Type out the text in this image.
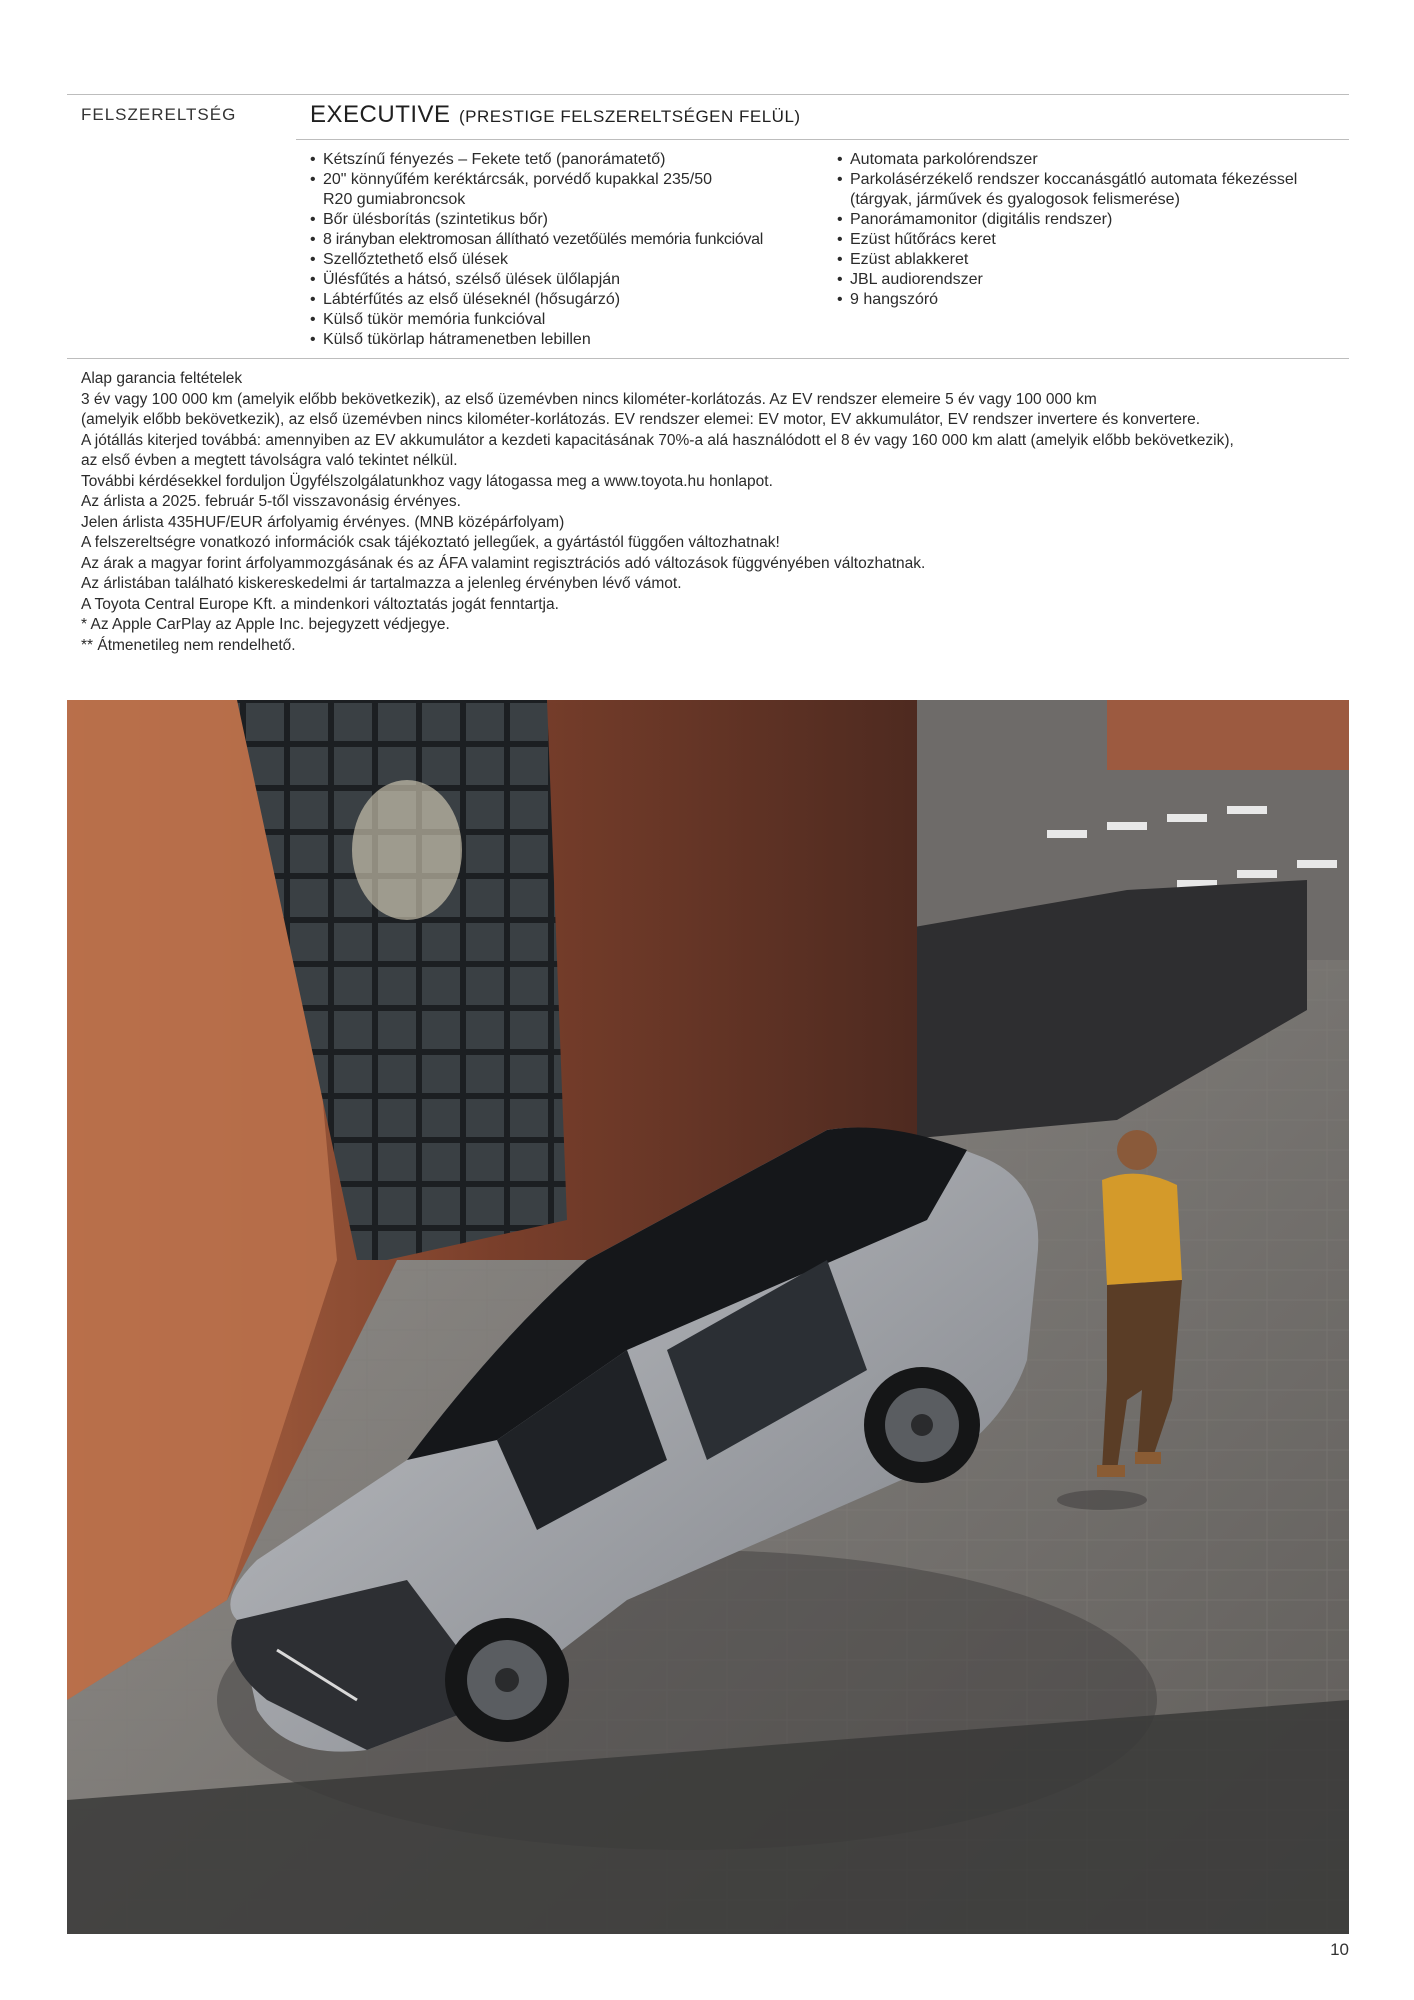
FELSZERELTSÉG	EXECUTIVE (PRESTIGE FELSZERELTSÉGEN FELÜL)
• Kétszínű fényezés – Fekete tető (panorámatető)
• 20" könnyűfém keréktárcsák, porvédő kupakkal 235/50 R20 gumiabroncsok
• Bőr ülésborítás (szintetikus bőr)
• 8 irányban elektromosan állítható vezetőülés memória funkcióval
• Szellőztethető első ülések
• Ülésfűtés a hátsó, szélső ülések ülőlapján
• Lábtérfűtés az első üléseknél (hősugárzó)
• Külső tükör memória funkcióval
• Külső tükörlap hátramenetben lebillen
• Automata parkolórendszer
• Parkolásérzékelő rendszer koccanásgátló automata fékezéssel (tárgyak, járművek és gyalogosok felismerése)
• Panorámamonitor (digitális rendszer)
• Ezüst hűtőrács keret
• Ezüst ablakkeret
• JBL audiorendszer
• 9 hangszóró
Alap garancia feltételek
3 év vagy 100 000 km (amelyik előbb bekövetkezik), az első üzemévben nincs kilométer-korlátozás. Az EV rendszer elemeire 5 év vagy 100 000 km
(amelyik előbb bekövetkezik), az első üzemévben nincs kilométer-korlátozás. EV rendszer elemei: EV motor, EV akkumulátor, EV rendszer invertere és konvertere.
A jótállás kiterjed továbbá: amennyiben az EV akkumulátor a kezdeti kapacitásának 70%-a alá használódott el 8 év vagy 160 000 km alatt (amelyik előbb bekövetkezik),
az első évben a megtett távolságra való tekintet nélkül.
További kérdésekkel forduljon Ügyfélszolgálatunkhoz vagy látogassa meg a www.toyota.hu honlapot.
Az árlista a 2025. február 5-től visszavonásig érvényes.
Jelen árlista 435HUF/EUR árfolyamig érvényes. (MNB középárfolyam)
A felszereltségre vonatkozó információk csak tájékoztató jellegűek, a gyártástól függően változhatnak!
Az árak a magyar forint árfolyammozgásának és az ÁFA valamint regisztrációs adó változások függvényében változhatnak.
Az árlistában található kiskereskedelmi ár tartalmazza a jelenleg érvényben lévő vámot.
A Toyota Central Europe Kft. a mindenkori változtatás jogát fenntartja.
* Az Apple CarPlay az Apple Inc. bejegyzett védjegye.
** Átmenetileg nem rendelhető.
10
